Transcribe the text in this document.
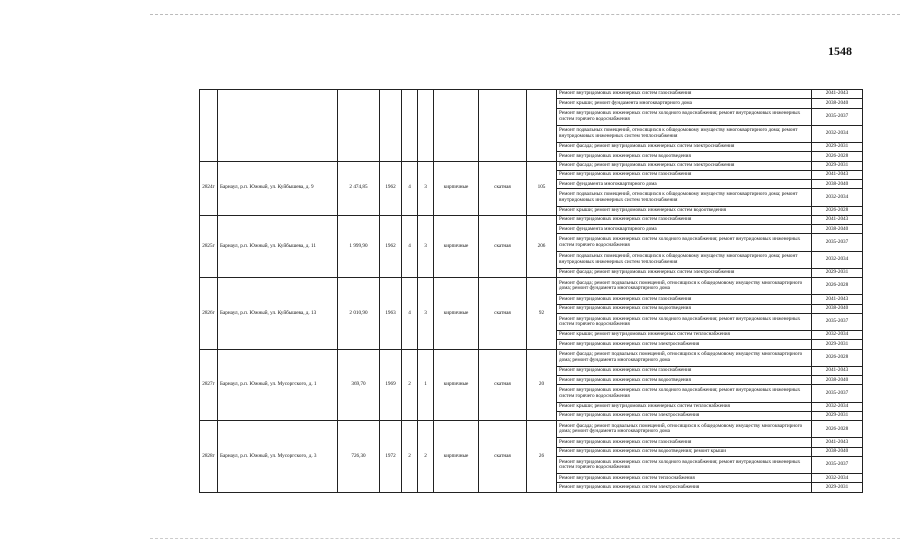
1548
									Ремонт внутридомовых инженерных систем газоснабжения	2041-2043
									Ремонт крыши; ремонт фундамента многоквартирного дома	2038-2040
									Ремонт внутридомовых инженерных систем холодного водоснабжения; ремонт внутридомовых инженерных систем горячего водоснабжения	2035-2037
									Ремонт подвальных помещений, относящихся к общедомовому имуществу многоквартирного дома; ремонт внутридомовых инженерных систем теплоснабжения	2032-2034
									Ремонт фасада; ремонт внутридомовых инженерных систем электроснабжения	2029-2031
									Ремонт внутридомовых инженерных систем водоотведения	2026-2028
2824г	Барнаул, р.п. Южный, ул. Куйбышева, д. 9	2 474,85	1962	4	3	кирпичные	скатная	105	Ремонт фасада; ремонт внутридомовых инженерных систем электроснабжения	2029-2031
									Ремонт внутридомовых инженерных систем газоснабжения	2041-2043
									Ремонт фундамента многоквартирного дома	2038-2040
									Ремонт подвальных помещений, относящихся к общедомовому имуществу многоквартирного дома; ремонт внутридомовых инженерных систем теплоснабжения	2032-2034
									Ремонт крыши; ремонт внутридомовых инженерных систем водоотведения	2026-2028
2825г	Барнаул, р.п. Южный, ул. Куйбышева, д. 11	1 999,90	1962	4	3	кирпичные	скатная	206	Ремонт внутридомовых инженерных систем газоснабжения	2041-2043
									Ремонт фундамента многоквартирного дома	2038-2040
									Ремонт внутридомовых инженерных систем холодного водоснабжения; ремонт внутридомовых инженерных систем горячего водоснабжения	2035-2037
									Ремонт подвальных помещений, относящихся к общедомовому имуществу многоквартирного дома; ремонт внутридомовых инженерных систем теплоснабжения	2032-2034
									Ремонт фасада; ремонт внутридомовых инженерных систем электроснабжения	2029-2031
2826г	Барнаул, р.п. Южный, ул. Куйбышева, д. 13	2 010,90	1963	4	3	кирпичные	скатная	92	Ремонт фасада; ремонт подвальных помещений, относящихся к общедомовому имуществу многоквартирного дома; ремонт фундамента многоквартирного дома	2026-2028
									Ремонт внутридомовых инженерных систем газоснабжения	2041-2043
									Ремонт внутридомовых инженерных систем водоотведения	2038-2040
									Ремонт внутридомовых инженерных систем холодного водоснабжения; ремонт внутридомовых инженерных систем горячего водоснабжения	2035-2037
									Ремонт крыши; ремонт внутридомовых инженерных систем теплоснабжения	2032-2034
									Ремонт внутридомовых инженерных систем электроснабжения	2029-2031
2827г	Барнаул, р.п. Южный, ул. Мусоргского, д. 1	369,70	1969	2	1	кирпичные	скатная	20	Ремонт фасада; ремонт подвальных помещений, относящихся к общедомовому имуществу многоквартирного дома; ремонт фундамента многоквартирного дома	2026-2028
									Ремонт внутридомовых инженерных систем газоснабжения	2041-2043
									Ремонт внутридомовых инженерных систем водоотведения	2038-2040
									Ремонт внутридомовых инженерных систем холодного водоснабжения; ремонт внутридомовых инженерных систем горячего водоснабжения	2035-2037
									Ремонт крыши; ремонт внутридомовых инженерных систем теплоснабжения	2032-2034
									Ремонт внутридомовых инженерных систем электроснабжения	2029-2031
2828г	Барнаул, р.п. Южный, ул. Мусоргского, д. 3	726,30	1972	2	2	кирпичные	скатная	26	Ремонт фасада; ремонт подвальных помещений, относящихся к общедомовому имуществу многоквартирного дома; ремонт фундамента многоквартирного дома	2026-2028
									Ремонт внутридомовых инженерных систем газоснабжения	2041-2043
									Ремонт внутридомовых инженерных систем водоотведения; ремонт крыши	2038-2040
									Ремонт внутридомовых инженерных систем холодного водоснабжения; ремонт внутридомовых инженерных систем горячего водоснабжения	2035-2037
									Ремонт внутридомовых инженерных систем теплоснабжения	2032-2034
									Ремонт внутридомовых инженерных систем электроснабжения	2029-2031
